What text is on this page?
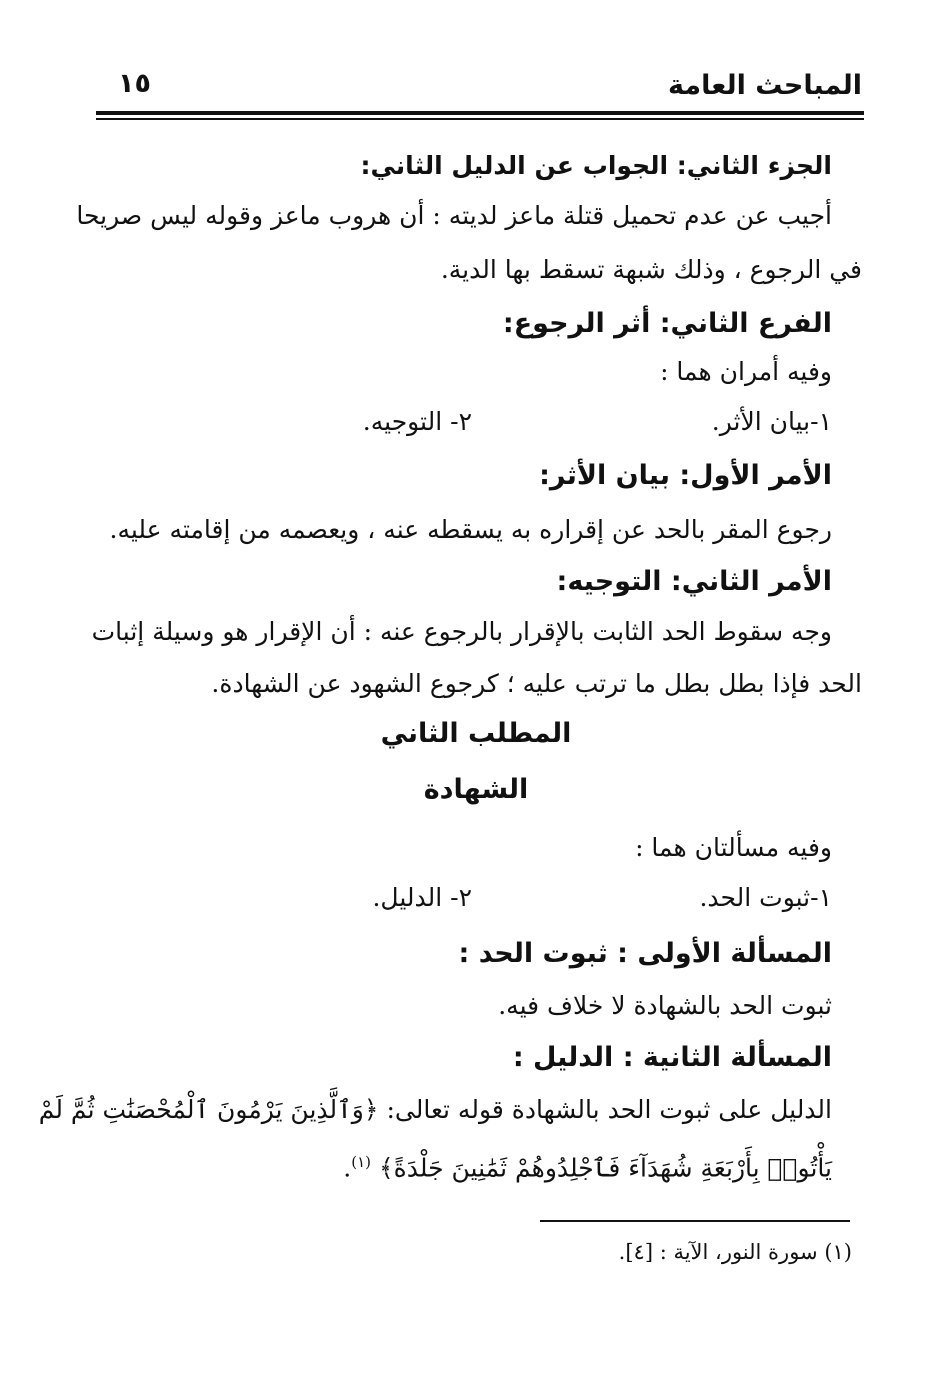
المباحث العامة
١٥
الجزء الثاني: الجواب عن الدليل الثاني:
أجيب عن عدم تحميل قتلة ماعز لديته : أن هروب ماعز وقوله ليس صريحا
في الرجوع ، وذلك شبهة تسقط بها الدية.
الفرع الثاني: أثر الرجوع:
وفيه أمران هما :
١-بيان الأثر.
٢- التوجيه.
الأمر الأول: بيان الأثر:
رجوع المقر بالحد عن إقراره به يسقطه عنه ، ويعصمه من إقامته عليه.
الأمر الثاني: التوجيه:
وجه سقوط الحد الثابت بالإقرار بالرجوع عنه : أن الإقرار هو وسيلة إثبات
الحد فإذا بطل بطل ما ترتب عليه ؛ كرجوع الشهود عن الشهادة.
المطلب الثاني
الشهادة
وفيه مسألتان هما :
١-ثبوت الحد.
٢- الدليل.
المسألة الأولى : ثبوت الحد :
ثبوت الحد بالشهادة لا خلاف فيه.
المسألة الثانية : الدليل :
الدليل على ثبوت الحد بالشهادة قوله تعالى: ﴿وَٱلَّذِينَ يَرْمُونَ ٱلْمُحْصَنَٰتِ ثُمَّ لَمْ
يَأْتُوا۟ بِأَرْبَعَةِ شُهَدَآءَ فَٱجْلِدُوهُمْ ثَمَٰنِينَ جَلْدَةً﴾ $^{(١)}$.
(١) سورة النور، الآية : [٤].
